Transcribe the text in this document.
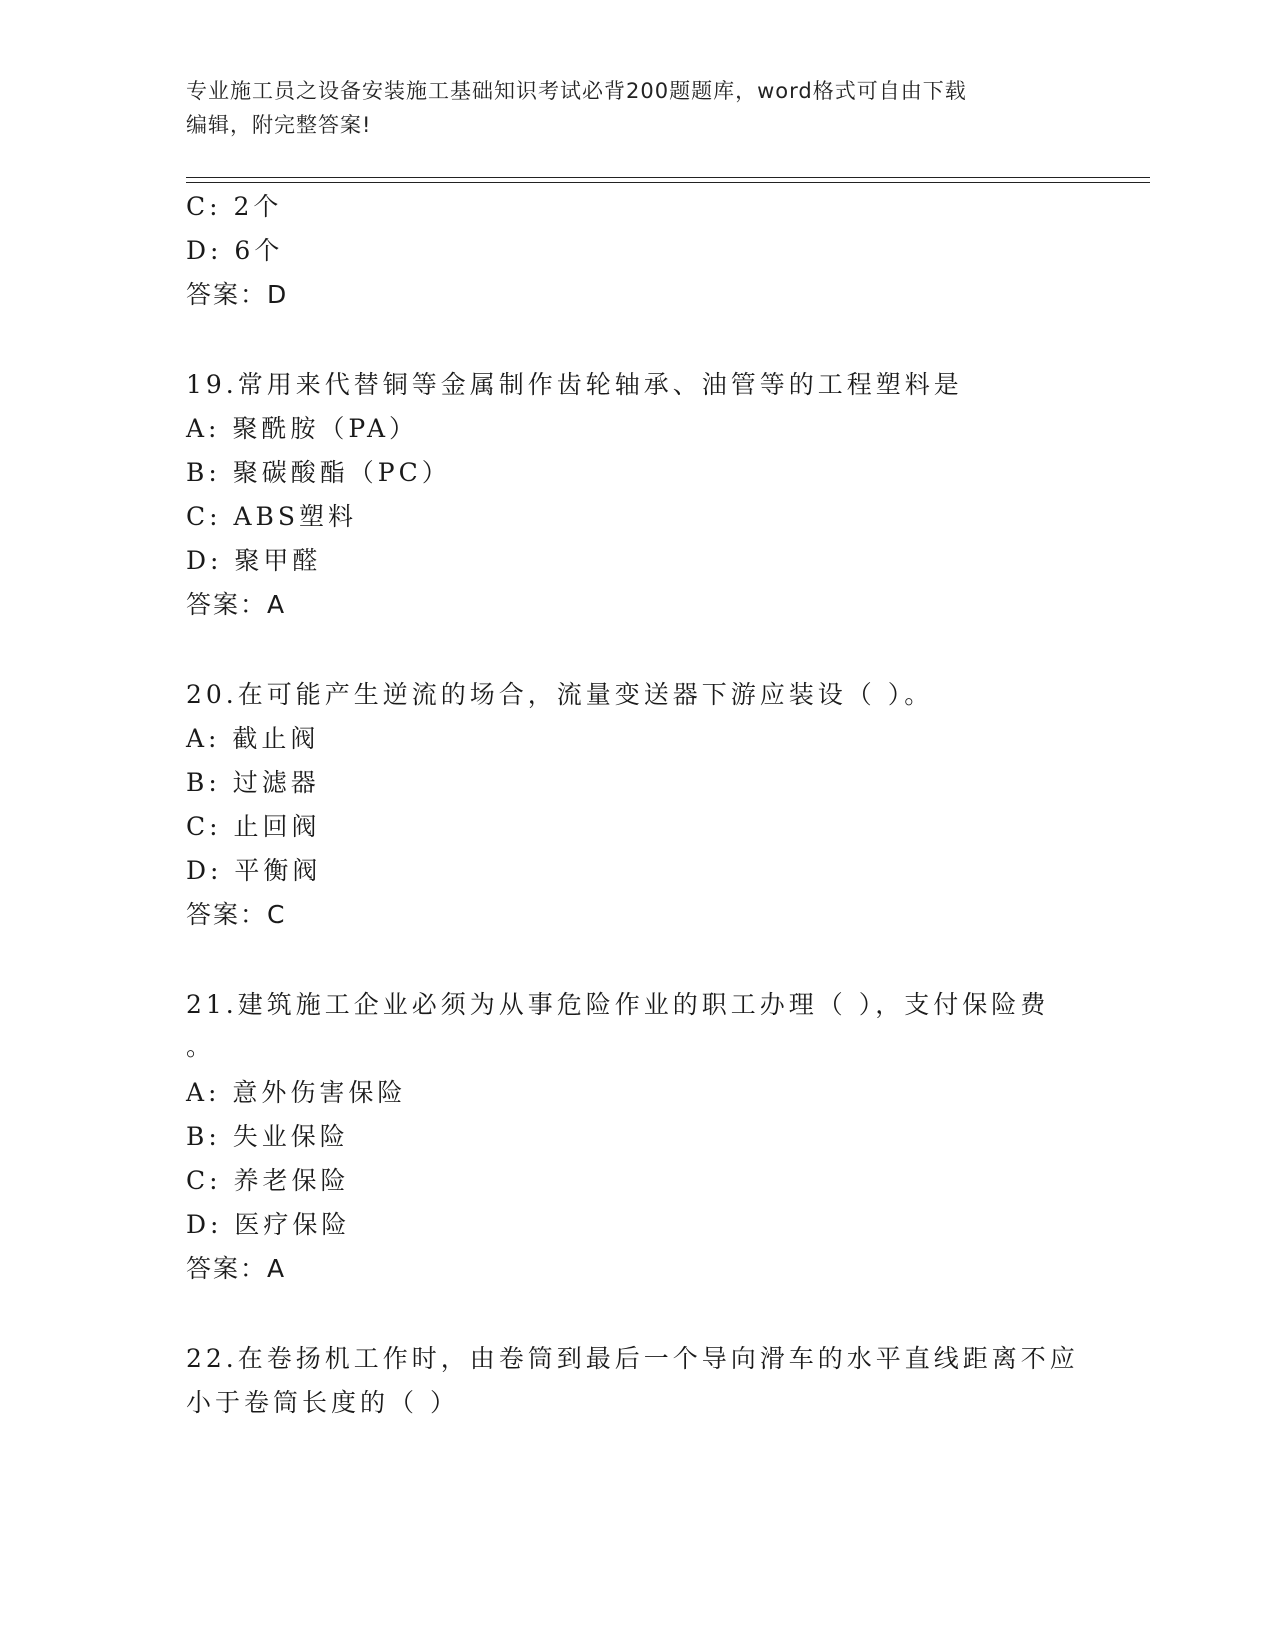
专业施工员之设备安装施工基础知识考试必背200题题库，word格式可自由下载
编辑，附完整答案!
C: 2个
D: 6个
答案：D
19.常用来代替铜等金属制作齿轮轴承、油管等的工程塑料是
A: 聚酰胺（PA）
B: 聚碳酸酯（PC）
C: ABS塑料
D: 聚甲醛
答案：A
20.在可能产生逆流的场合，流量变送器下游应装设（ ）。
A: 截止阀
B: 过滤器
C: 止回阀
D: 平衡阀
答案：C
21.建筑施工企业必须为从事危险作业的职工办理（ ），支付保险费
。
A: 意外伤害保险
B: 失业保险
C: 养老保险
D: 医疗保险
答案：A
22.在卷扬机工作时，由卷筒到最后一个导向滑车的水平直线距离不应
小于卷筒长度的（ ）
